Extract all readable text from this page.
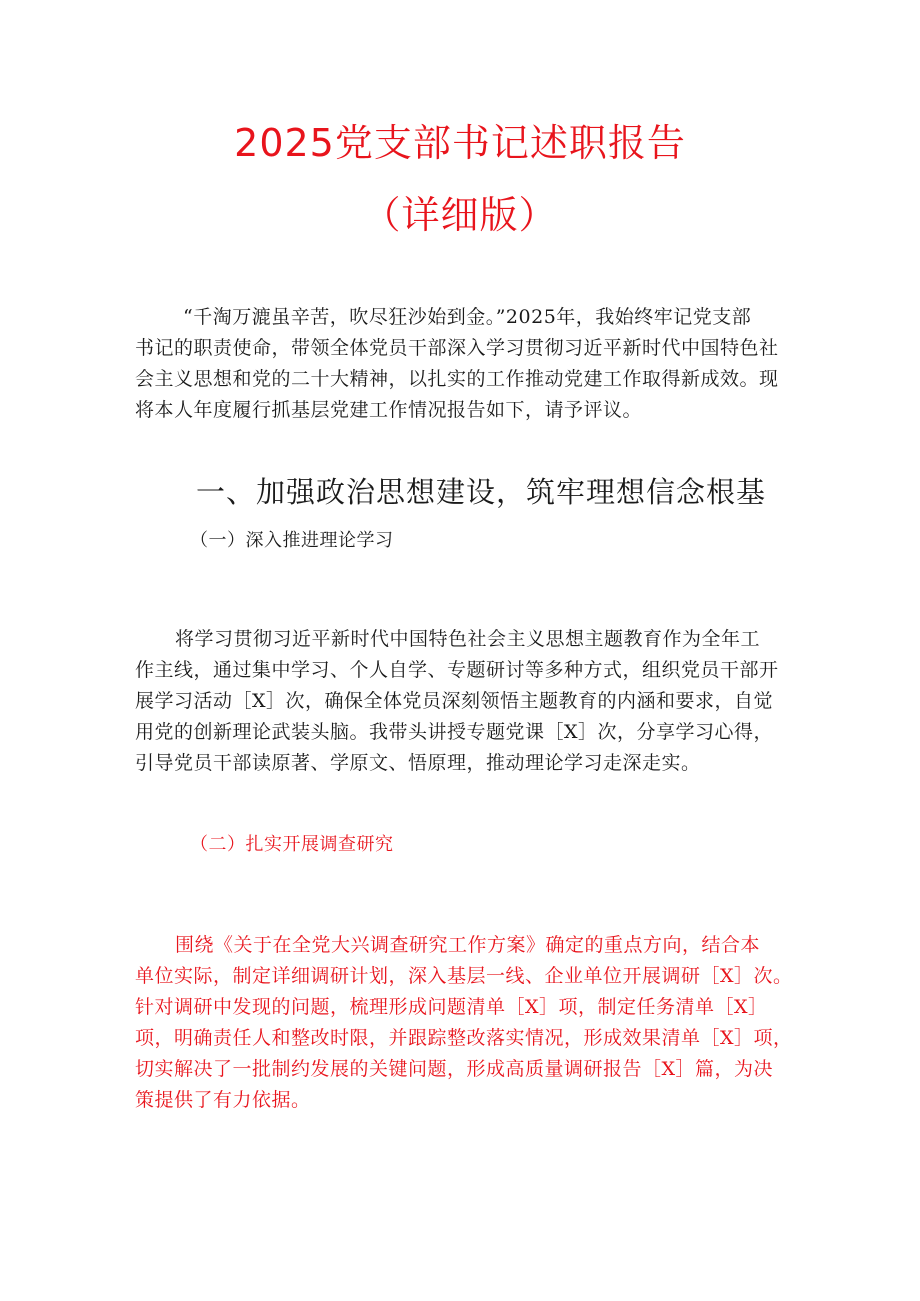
2025党支部书记述职报告
（详细版）
“千淘万漉虽辛苦，吹尽狂沙始到金。”2025年，我始终牢记党支部
书记的职责使命，带领全体党员干部深入学习贯彻习近平新时代中国特色社
会主义思想和党的二十大精神，以扎实的工作推动党建工作取得新成效。现
将本人年度履行抓基层党建工作情况报告如下，请予评议。
一、加强政治思想建设，筑牢理想信念根基
（一）深入推进理论学习
将学习贯彻习近平新时代中国特色社会主义思想主题教育作为全年工
作主线，通过集中学习、个人自学、专题研讨等多种方式，组织党员干部开
展学习活动［X］次，确保全体党员深刻领悟主题教育的内涵和要求，自觉
用党的创新理论武装头脑。我带头讲授专题党课［X］次，分享学习心得，
引导党员干部读原著、学原文、悟原理，推动理论学习走深走实。
（二）扎实开展调查研究
围绕《关于在全党大兴调查研究工作方案》确定的重点方向，结合本
单位实际，制定详细调研计划，深入基层一线、企业单位开展调研［X］次。
针对调研中发现的问题，梳理形成问题清单［X］项，制定任务清单［X］
项，明确责任人和整改时限，并跟踪整改落实情况，形成效果清单［X］项，
切实解决了一批制约发展的关键问题，形成高质量调研报告［X］篇，为决
策提供了有力依据。
